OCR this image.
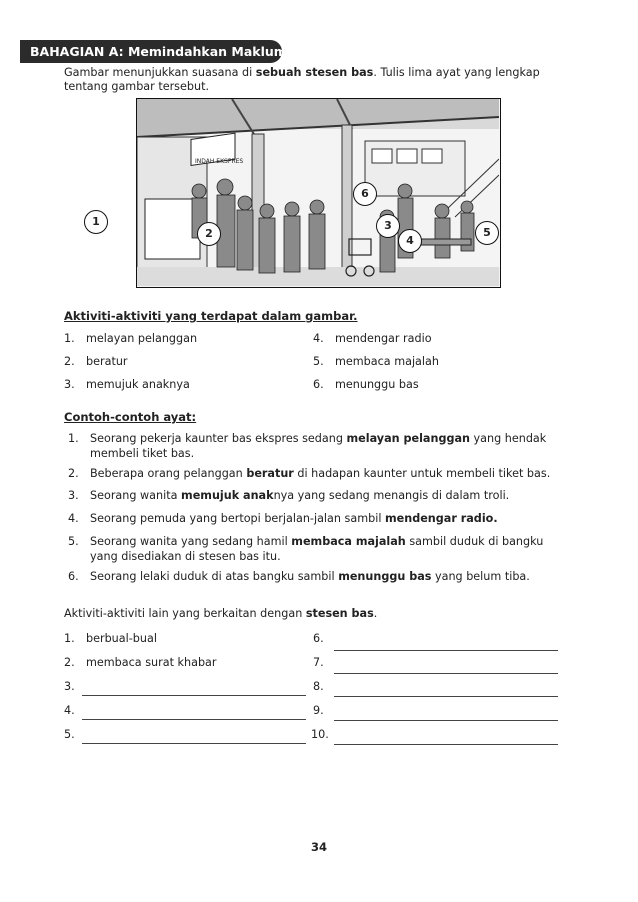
BAHAGIAN A: Memindahkan Maklumat
Gambar menunjukkan suasana di sebuah stesen bas. Tulis lima ayat yang lengkap tentang gambar tersebut.
INDAH EKSPRES
1
2
3
4
5
6
Aktiviti-aktiviti yang terdapat dalam gambar.
1. melayan pelanggan
2. beratur
3. memujuk anaknya
4. mendengar radio
5. membaca majalah
6. menunggu bas
Contoh-contoh ayat:
1. Seorang pekerja kaunter bas ekspres sedang melayan pelanggan yang hendak membeli tiket bas.
2. Beberapa orang pelanggan beratur di hadapan kaunter untuk membeli tiket bas.
3. Seorang wanita memujuk anaknya yang sedang menangis di dalam troli.
4. Seorang pemuda yang bertopi berjalan-jalan sambil mendengar radio.
5. Seorang wanita yang sedang hamil membaca majalah sambil duduk di bangku yang disediakan di stesen bas itu.
6. Seorang lelaki duduk di atas bangku sambil menunggu bas yang belum tiba.
Aktiviti-aktiviti lain yang berkaitan dengan stesen bas.
1. berbual-bual
2. membaca surat khabar
3.
4.
5.
6.
7.
8.
9.
10.
34
